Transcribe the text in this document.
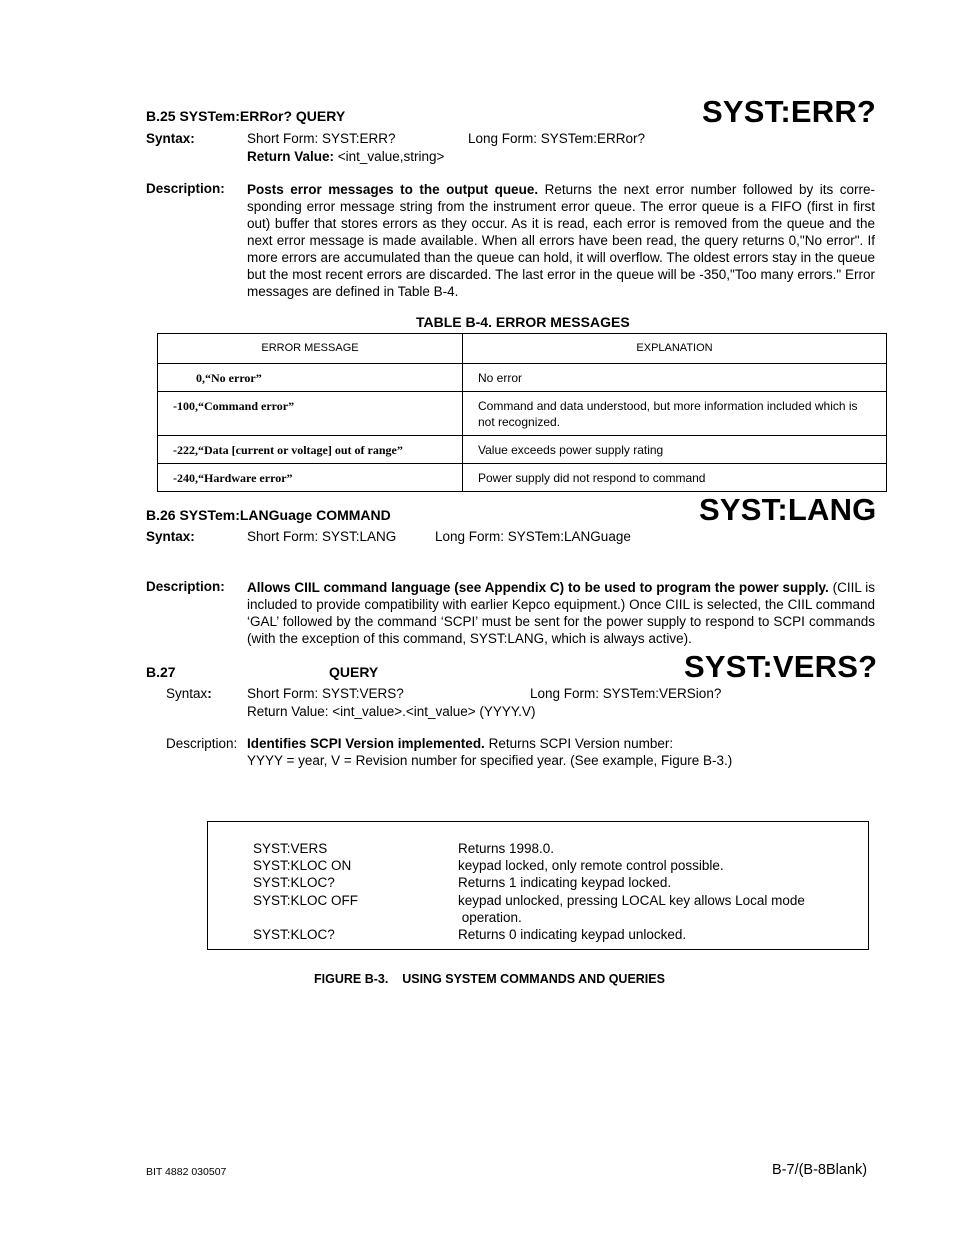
B.25 SYSTem:ERRor? QUERY	SYST:ERR?
Syntax:	Short Form: SYST:ERR?	Long Form: SYSTem:ERRor?
Return Value: <int_value,string>
Description: Posts error messages to the output queue. Returns the next error number followed by its corre-sponding error message string from the instrument error queue. The error queue is a FIFO (first in first out) buffer that stores errors as they occur. As it is read, each error is removed from the queue and the next error message is made available. When all errors have been read, the query returns 0,"No error". If more errors are accumulated than the queue can hold, it will overflow. The oldest errors stay in the queue but the most recent errors are discarded. The last error in the queue will be -350,"Too many errors." Error messages are defined in Table B-4.
TABLE B-4. ERROR MESSAGES
ERROR MESSAGE	EXPLANATION
0,“No error”	No error
-100,“Command error”	Command and data understood, but more information included which is not recognized.
-222,“Data [current or voltage] out of range”	Value exceeds power supply rating
-240,“Hardware error”	Power supply did not respond to command
B.26 SYSTem:LANGuage COMMAND	SYST:LANG
Syntax:	Short Form: SYST:LANG	Long Form: SYSTem:LANGuage
Description: Allows CIIL command language (see Appendix C) to be used to program the power supply. (CIIL is included to provide compatibility with earlier Kepco equipment.) Once CIIL is selected, the CIIL command ‘GAL’ followed by the command ‘SCPI’ must be sent for the power supply to respond to SCPI commands (with the exception of this command, SYST:LANG, which is always active).
B.27	QUERY	SYST:VERS?
Syntax:	Short Form: SYST:VERS?	Long Form: SYSTem:VERSion?
Return Value: <int_value>.<int_value> (YYYY.V)
Description: Identifies SCPI Version implemented. Returns SCPI Version number:
YYYY = year, V = Revision number for specified year. (See example, Figure B-3.)
SYST:VERS	Returns 1998.0.
SYST:KLOC ON	keypad locked, only remote control possible.
SYST:KLOC?	Returns 1 indicating keypad locked.
SYST:KLOC OFF	keypad unlocked, pressing LOCAL key allows Local mode
operation.
SYST:KLOC?	Returns 0 indicating keypad unlocked.
FIGURE B-3.    USING SYSTEM COMMANDS AND QUERIES
BIT 4882 030507	B-7/(B-8Blank)
